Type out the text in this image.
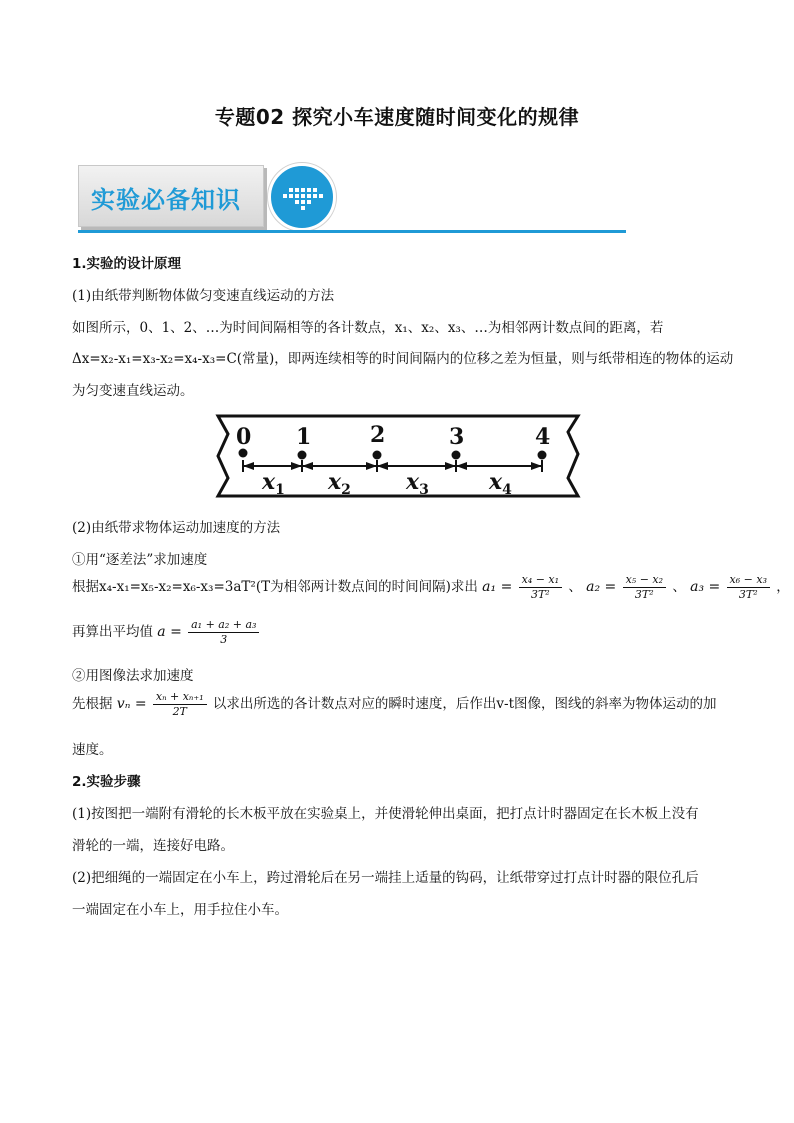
专题02 探究小车速度随时间变化的规律
实验必备知识
1.实验的设计原理
(1)由纸带判断物体做匀变速直线运动的方法
如图所示，0、1、2、…为时间间隔相等的各计数点，x₁、x₂、x₃、…为相邻两计数点间的距离，若
Δx=x₂-x₁=x₃-x₂=x₄-x₃=C(常量)，即两连续相等的时间间隔内的位移之差为恒量，则与纸带相连的物体的运动
为匀变速直线运动。
0 1	2	3	4
$x_1$ $x_2$	$x_3$	$x_4$
(2)由纸带求物体运动加速度的方法
①用“逐差法”求加速度
根据x₄-x₁=x₅-x₂=x₆-x₃=3aT²(T为相邻两计数点间的时间间隔)求出 $a_1 = \frac{\text{x₄ − x₁}}{\text{3T²}}$ 、 $a_2 = \frac{\text{x₅ − x₂}}{\text{3T²}}$ 、 $a_3 = \frac{\text{x₆ − x₃}}{\text{3T²}}$ ，
再算出平均值 $a = \frac{\text{a₁ + a₂ + a₃}}{3}$
②用图像法求加速度
先根据 $v_n = \frac{\text{xₙ + xₙ₊₁}}{2T}$ 以求出所选的各计数点对应的瞬时速度，后作出v-t图像，图线的斜率为物体运动的加
速度。
2.实验步骤
(1)按图把一端附有滑轮的长木板平放在实验桌上，并使滑轮伸出桌面，把打点计时器固定在长木板上没有
滑轮的一端，连接好电路。
(2)把细绳的一端固定在小车上，跨过滑轮后在另一端挂上适量的钩码，让纸带穿过打点计时器的限位孔后
一端固定在小车上，用手拉住小车。
